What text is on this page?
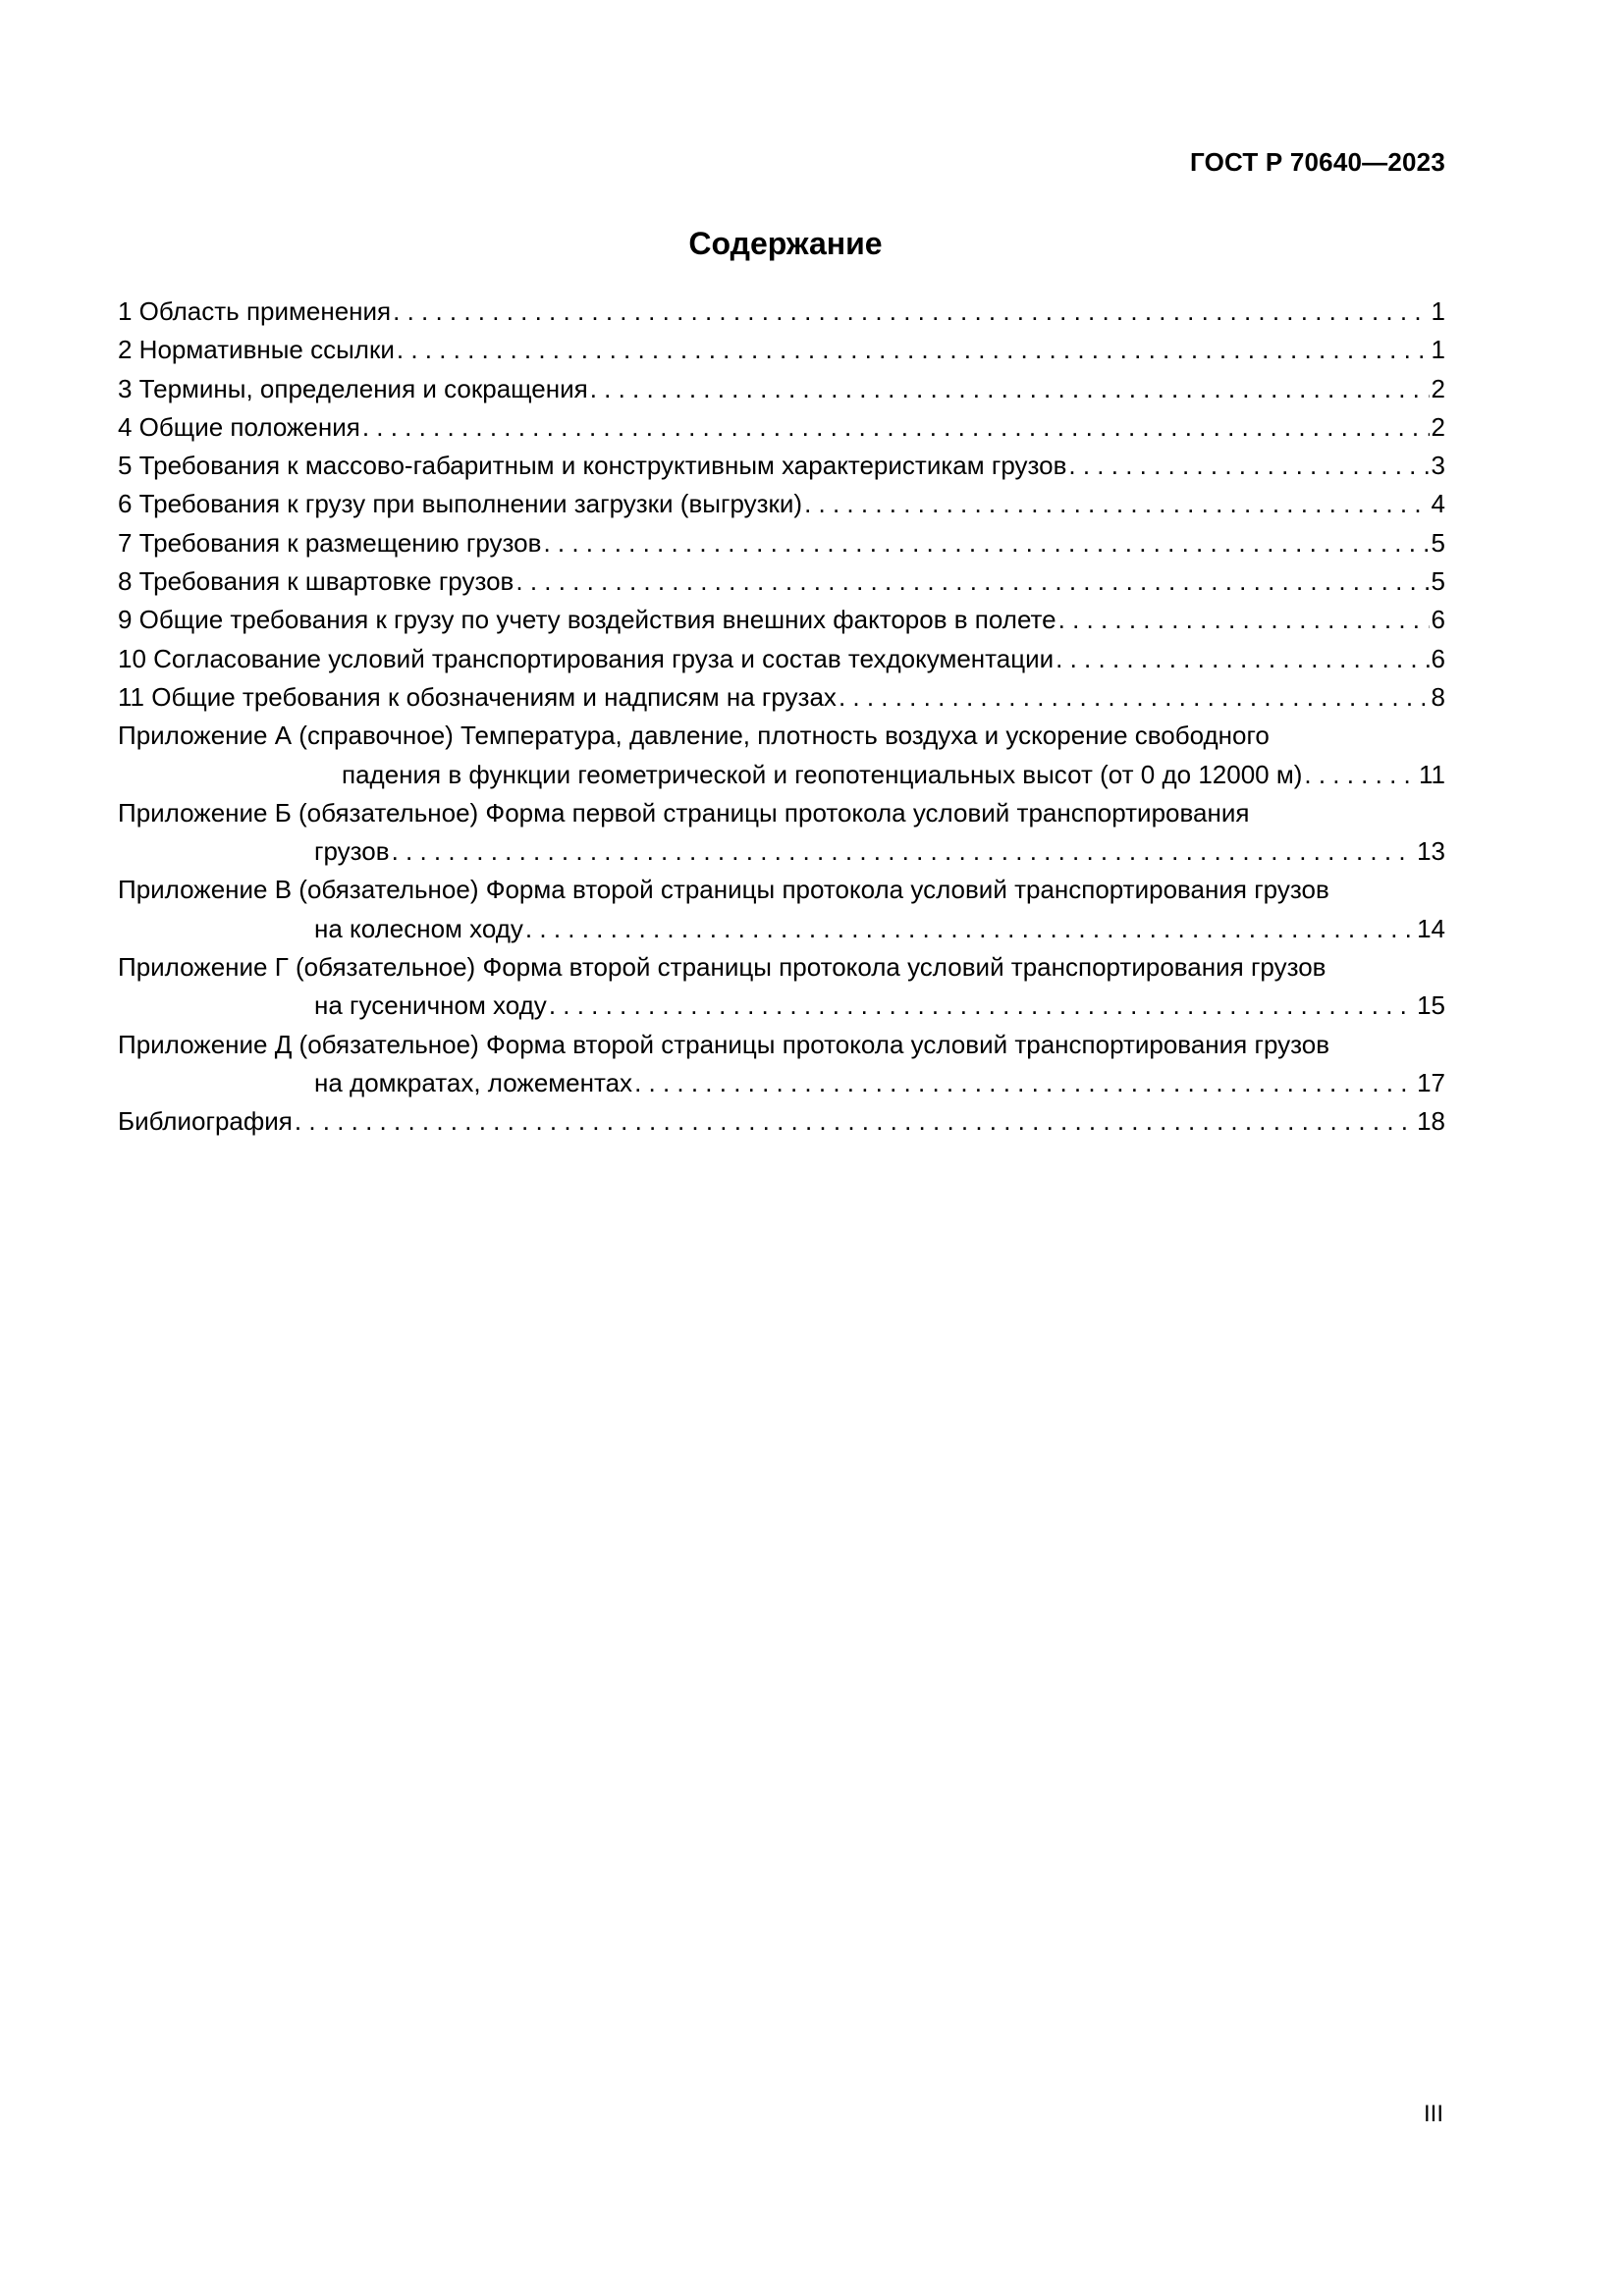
ГОСТ Р 70640—2023
Содержание
1 Область применения . . .	1
2 Нормативные ссылки . . .	1
3 Термины, определения и сокращения . . .	2
4 Общие положения . . .	2
5 Требования к массово-габаритным и конструктивным характеристикам грузов . . .	3
6 Требования к грузу при выполнении загрузки (выгрузки) . . .	4
7 Требования к размещению грузов . . .	5
8 Требования к швартовке грузов . . .	5
9 Общие требования к грузу по учету воздействия внешних факторов в полете . . .	6
10 Согласование условий транспортирования груза и состав техдокументации . . .	6
11 Общие требования к обозначениям и надписям на грузах . . .	8
Приложение А (справочное) Температура, давление, плотность воздуха и ускорение свободного
падения в функции геометрической и геопотенциальных высот (от 0 до 12000 м) . . .	11
Приложение Б (обязательное) Форма первой страницы протокола условий транспортирования
грузов . . .	13
Приложение В (обязательное) Форма второй страницы протокола условий транспортирования грузов
на колесном ходу . . .	14
Приложение Г (обязательное) Форма второй страницы протокола условий транспортирования грузов
на гусеничном ходу . . .	15
Приложение Д (обязательное) Форма второй страницы протокола условий транспортирования грузов
на домкратах, ложементах . . .	17
Библиография . . .	18
III
